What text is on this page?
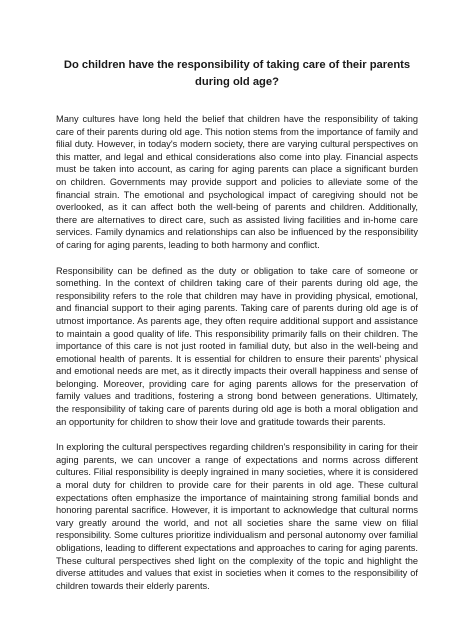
Do children have the responsibility of taking care of their parents during old age?

Many cultures have long held the belief that children have the responsibility of taking care of their parents during old age. This notion stems from the importance of family and filial duty. However, in today's modern society, there are varying cultural perspectives on this matter, and legal and ethical considerations also come into play. Financial aspects must be taken into account, as caring for aging parents can place a significant burden on children. Governments may provide support and policies to alleviate some of the financial strain. The emotional and psychological impact of caregiving should not be overlooked, as it can affect both the well-being of parents and children. Additionally, there are alternatives to direct care, such as assisted living facilities and in-home care services. Family dynamics and relationships can also be influenced by the responsibility of caring for aging parents, leading to both harmony and conflict.

Responsibility can be defined as the duty or obligation to take care of someone or something. In the context of children taking care of their parents during old age, the responsibility refers to the role that children may have in providing physical, emotional, and financial support to their aging parents. Taking care of parents during old age is of utmost importance. As parents age, they often require additional support and assistance to maintain a good quality of life. This responsibility primarily falls on their children. The importance of this care is not just rooted in familial duty, but also in the well-being and emotional health of parents. It is essential for children to ensure their parents' physical and emotional needs are met, as it directly impacts their overall happiness and sense of belonging. Moreover, providing care for aging parents allows for the preservation of family values and traditions, fostering a strong bond between generations. Ultimately, the responsibility of taking care of parents during old age is both a moral obligation and an opportunity for children to show their love and gratitude towards their parents.

In exploring the cultural perspectives regarding children's responsibility in caring for their aging parents, we can uncover a range of expectations and norms across different cultures. Filial responsibility is deeply ingrained in many societies, where it is considered a moral duty for children to provide care for their parents in old age. These cultural expectations often emphasize the importance of maintaining strong familial bonds and honoring parental sacrifice. However, it is important to acknowledge that cultural norms vary greatly around the world, and not all societies share the same view on filial responsibility. Some cultures prioritize individualism and personal autonomy over familial obligations, leading to different expectations and approaches to caring for aging parents. These cultural perspectives shed light on the complexity of the topic and highlight the diverse attitudes and values that exist in societies when it comes to the responsibility of children towards their elderly parents.
